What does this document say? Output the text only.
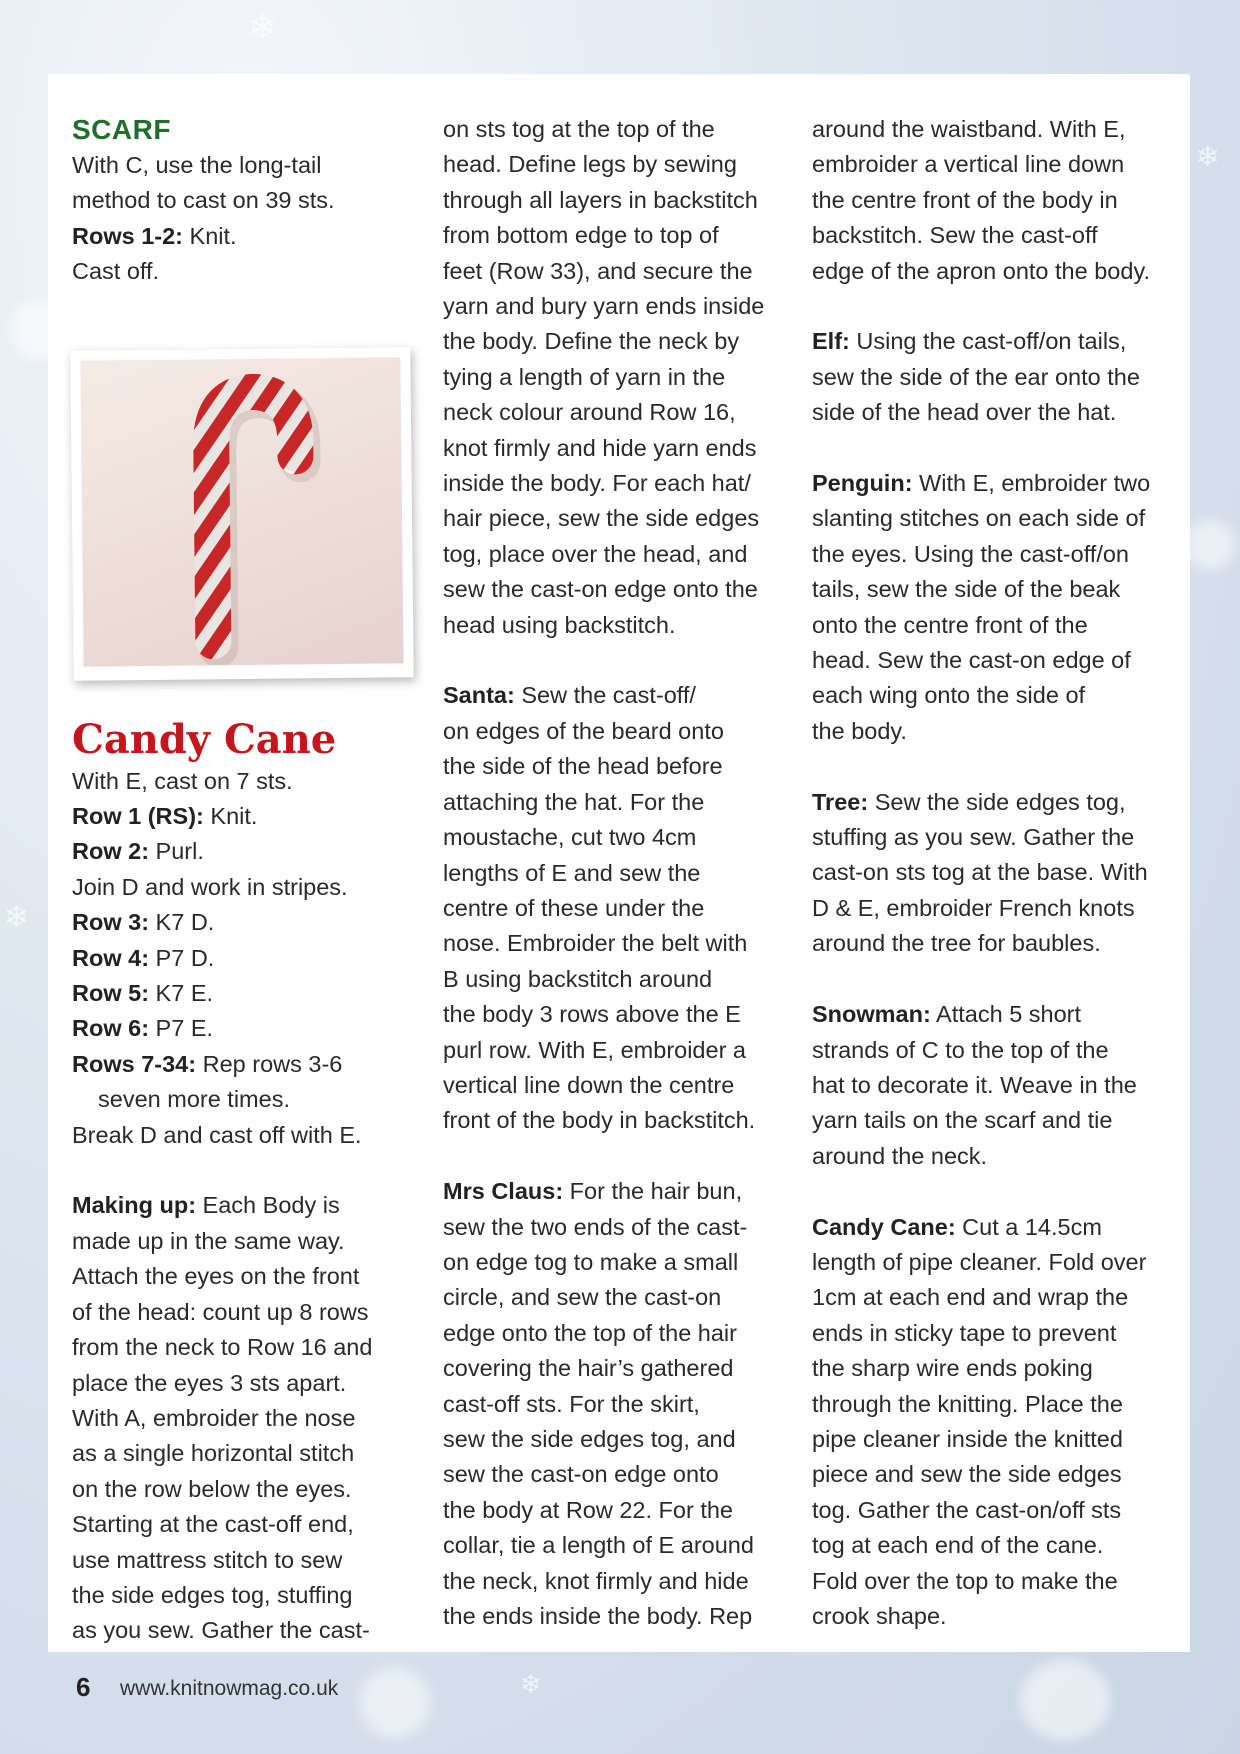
❄
❄
❄
❄

SCARF

With C, use the long-tail

method to cast on 39 sts.

Rows 1-2: Knit.

Cast off.

Candy Cane

With E, cast on 7 sts.

Row 1 (RS): Knit.

Row 2: Purl.

Join D and work in stripes.

Row 3: K7 D.

Row 4: P7 D.

Row 5: K7 E.

Row 6: P7 E.

Rows 7-34: Rep rows 3-6

seven more times.

Break D and cast off with E.

Making up: Each Body is

made up in the same way.

Attach the eyes on the front

of the head: count up 8 rows

from the neck to Row 16 and

place the eyes 3 sts apart.

With A, embroider the nose

as a single horizontal stitch

on the row below the eyes.

Starting at the cast-off end,

use mattress stitch to sew

the side edges tog, stuffing

as you sew. Gather the cast-

on sts tog at the top of the

head. Define legs by sewing

through all layers in backstitch

from bottom edge to top of

feet (Row 33), and secure the

yarn and bury yarn ends inside

the body. Define the neck by

tying a length of yarn in the

neck colour around Row 16,

knot firmly and hide yarn ends

inside the body. For each hat/

hair piece, sew the side edges

tog, place over the head, and

sew the cast-on edge onto the

head using backstitch.

Santa: Sew the cast-off/

on edges of the beard onto

the side of the head before

attaching the hat. For the

moustache, cut two 4cm

lengths of E and sew the

centre of these under the

nose. Embroider the belt with

B using backstitch around

the body 3 rows above the E

purl row. With E, embroider a

vertical line down the centre

front of the body in backstitch.

Mrs Claus: For the hair bun,

sew the two ends of the cast-

on edge tog to make a small

circle, and sew the cast-on

edge onto the top of the hair

covering the hair’s gathered

cast-off sts. For the skirt,

sew the side edges tog, and

sew the cast-on edge onto

the body at Row 22. For the

collar, tie a length of E around

the neck, knot firmly and hide

the ends inside the body. Rep

around the waistband. With E,

embroider a vertical line down

the centre front of the body in

backstitch. Sew the cast-off

edge of the apron onto the body.

Elf: Using the cast-off/on tails,

sew the side of the ear onto the

side of the head over the hat.

Penguin: With E, embroider two

slanting stitches on each side of

the eyes. Using the cast-off/on

tails, sew the side of the beak

onto the centre front of the

head. Sew the cast-on edge of

each wing onto the side of

the body.

Tree: Sew the side edges tog,

stuffing as you sew. Gather the

cast-on sts tog at the base. With

D & E, embroider French knots

around the tree for baubles.

Snowman: Attach 5 short

strands of C to the top of the

hat to decorate it. Weave in the

yarn tails on the scarf and tie

around the neck.

Candy Cane: Cut a 14.5cm

length of pipe cleaner. Fold over

1cm at each end and wrap the

ends in sticky tape to prevent

the sharp wire ends poking

through the knitting. Place the

pipe cleaner inside the knitted

piece and sew the side edges

tog. Gather the cast-on/off sts

tog at each end of the cane.

Fold over the top to make the

crook shape.

6 www.knitnowmag.co.uk
